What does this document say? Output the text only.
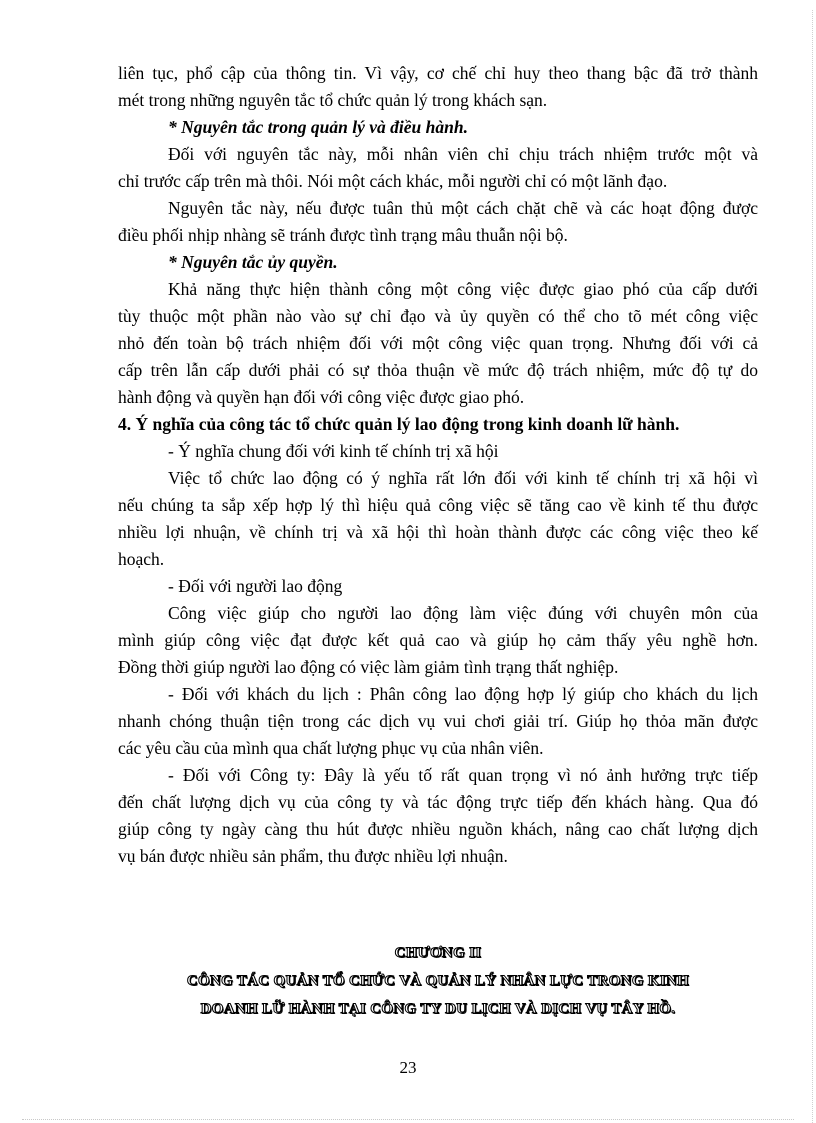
liên tục, phổ cập của thông tin. Vì vậy, cơ chế chỉ huy theo thang bậc đã trở thành
mét trong những nguyên tắc tổ chức quản lý trong khách sạn.
* Nguyên tắc trong quản lý và điều hành.
Đối với nguyên tắc này, mỗi nhân viên chỉ chịu trách nhiệm trước một và
chỉ trước cấp trên mà thôi. Nói một cách khác, mỗi người chỉ có một lãnh đạo.
Nguyên tắc này, nếu được tuân thủ một cách chặt chẽ và các hoạt động được
điều phối nhịp nhàng sẽ tránh được tình trạng mâu thuẫn nội bộ.
* Nguyên tắc ủy quyền.
Khả năng thực hiện thành công một công việc được giao phó của cấp dưới
tùy thuộc một phần nào vào sự chỉ đạo và ủy quyền có thể cho tõ mét công việc
nhỏ đến toàn bộ trách nhiệm đối với một công việc quan trọng. Nhưng đối với cả
cấp trên lẫn cấp dưới phải có sự thỏa thuận về mức độ trách nhiệm, mức độ tự do
hành động và quyền hạn đối với công việc được giao phó.
4. Ý nghĩa của công tác tổ chức quản lý lao động trong kinh doanh lữ hành.
- Ý nghĩa chung đối với kinh tế chính trị xã hội
Việc tổ chức lao động có ý nghĩa rất lớn đối với kinh tế chính trị xã hội vì
nếu chúng ta sắp xếp hợp lý thì hiệu quả công việc sẽ tăng cao về kinh tế thu được
nhiều lợi nhuận, về chính trị và xã hội thì hoàn thành được các công việc theo kế
hoạch.
- Đối với người lao động
Công việc giúp cho người lao động làm việc đúng với chuyên môn của
mình giúp công việc đạt được kết quả cao và giúp họ cảm thấy yêu nghề hơn.
Đồng thời giúp người lao động có việc làm giảm tình trạng thất nghiệp.
- Đối với khách du lịch : Phân công lao động hợp lý giúp cho khách du lịch
nhanh chóng thuận tiện trong các dịch vụ vui chơi giải trí. Giúp họ thỏa mãn được
các yêu cầu của mình qua chất lượng phục vụ của nhân viên.
- Đối với Công ty: Đây là yếu tố rất quan trọng vì nó ảnh hưởng trực tiếp
đến chất lượng dịch vụ của công ty và tác động trực tiếp đến khách hàng. Qua đó
giúp công ty ngày càng thu hút được nhiều nguồn khách, nâng cao chất lượng dịch
vụ bán được nhiều sản phẩm, thu được nhiều lợi nhuận.
CHƯƠNG II
CÔNG TÁC QUẢN TỔ CHỨC VÀ QUẢN LÝ NHÂN LỰC TRONG KINH
DOANH LỮ HÀNH TẠI CÔNG TY DU LỊCH VÀ DỊCH VỤ TÂY HỒ.
23
